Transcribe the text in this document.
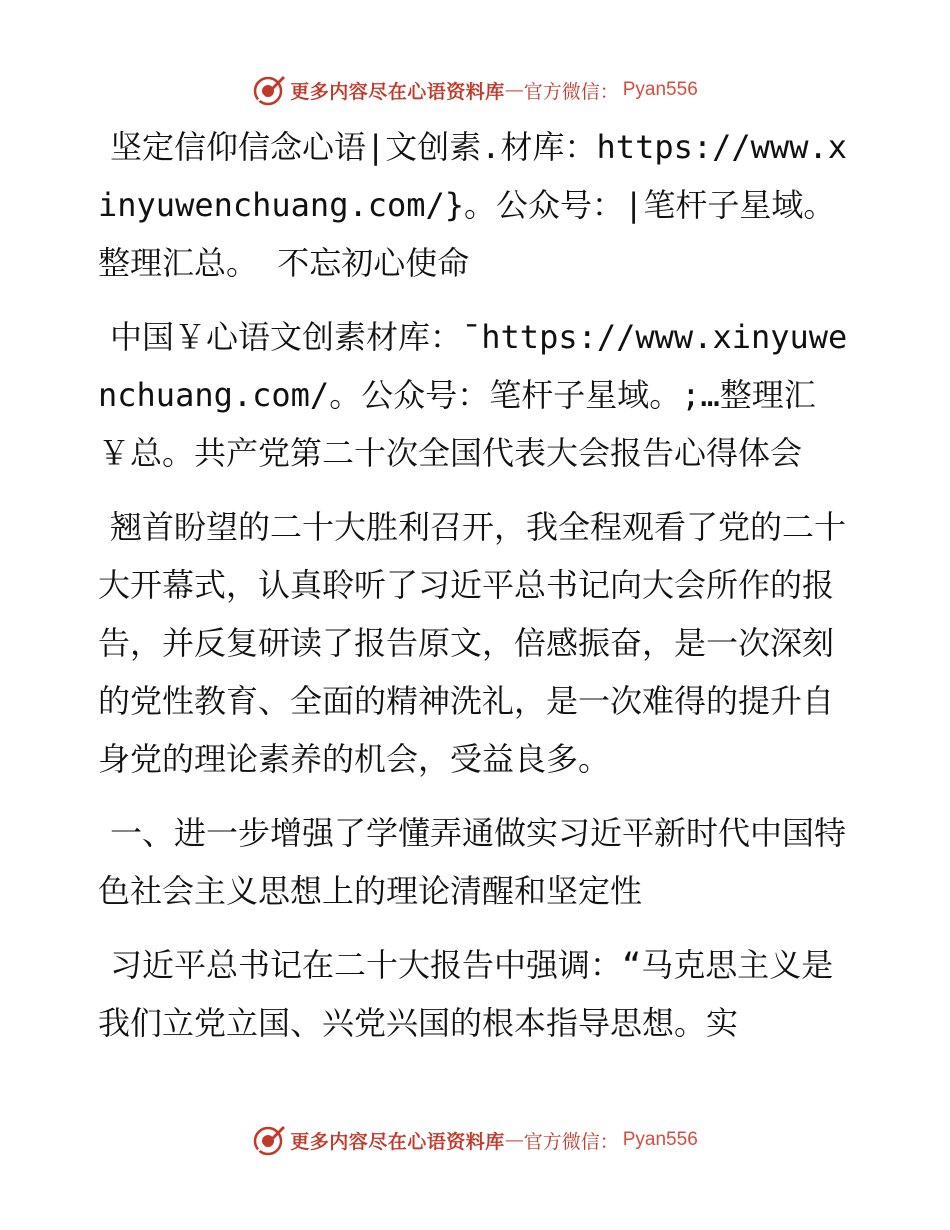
更多内容尽在心语资料库 — 官方微信： Pyan556

坚定信仰信念心语|文创素.材库：https://www.xinyuwenchuang.com/}。公众号：|笔杆子星域。整理汇总。 不忘初心使命

中国￥心语文创素材库：¯https://www.xinyuwenchuang.com/。公众号：笔杆子星域。;…整理汇￥总。共产党第二十次全国代表大会报告心得体会

翘首盼望的二十大胜利召开，我全程观看了党的二十大开幕式，认真聆听了习近平总书记向大会所作的报告，并反复研读了报告原文，倍感振奋，是一次深刻的党性教育、全面的精神洗礼，是一次难得的提升自身党的理论素养的机会，受益良多。

一、进一步增强了学懂弄通做实习近平新时代中国特色社会主义思想上的理论清醒和坚定性

习近平总书记在二十大报告中强调：“马克思主义是我们立党立国、兴党兴国的根本指导思想。实

更多内容尽在心语资料库 — 官方微信： Pyan556
